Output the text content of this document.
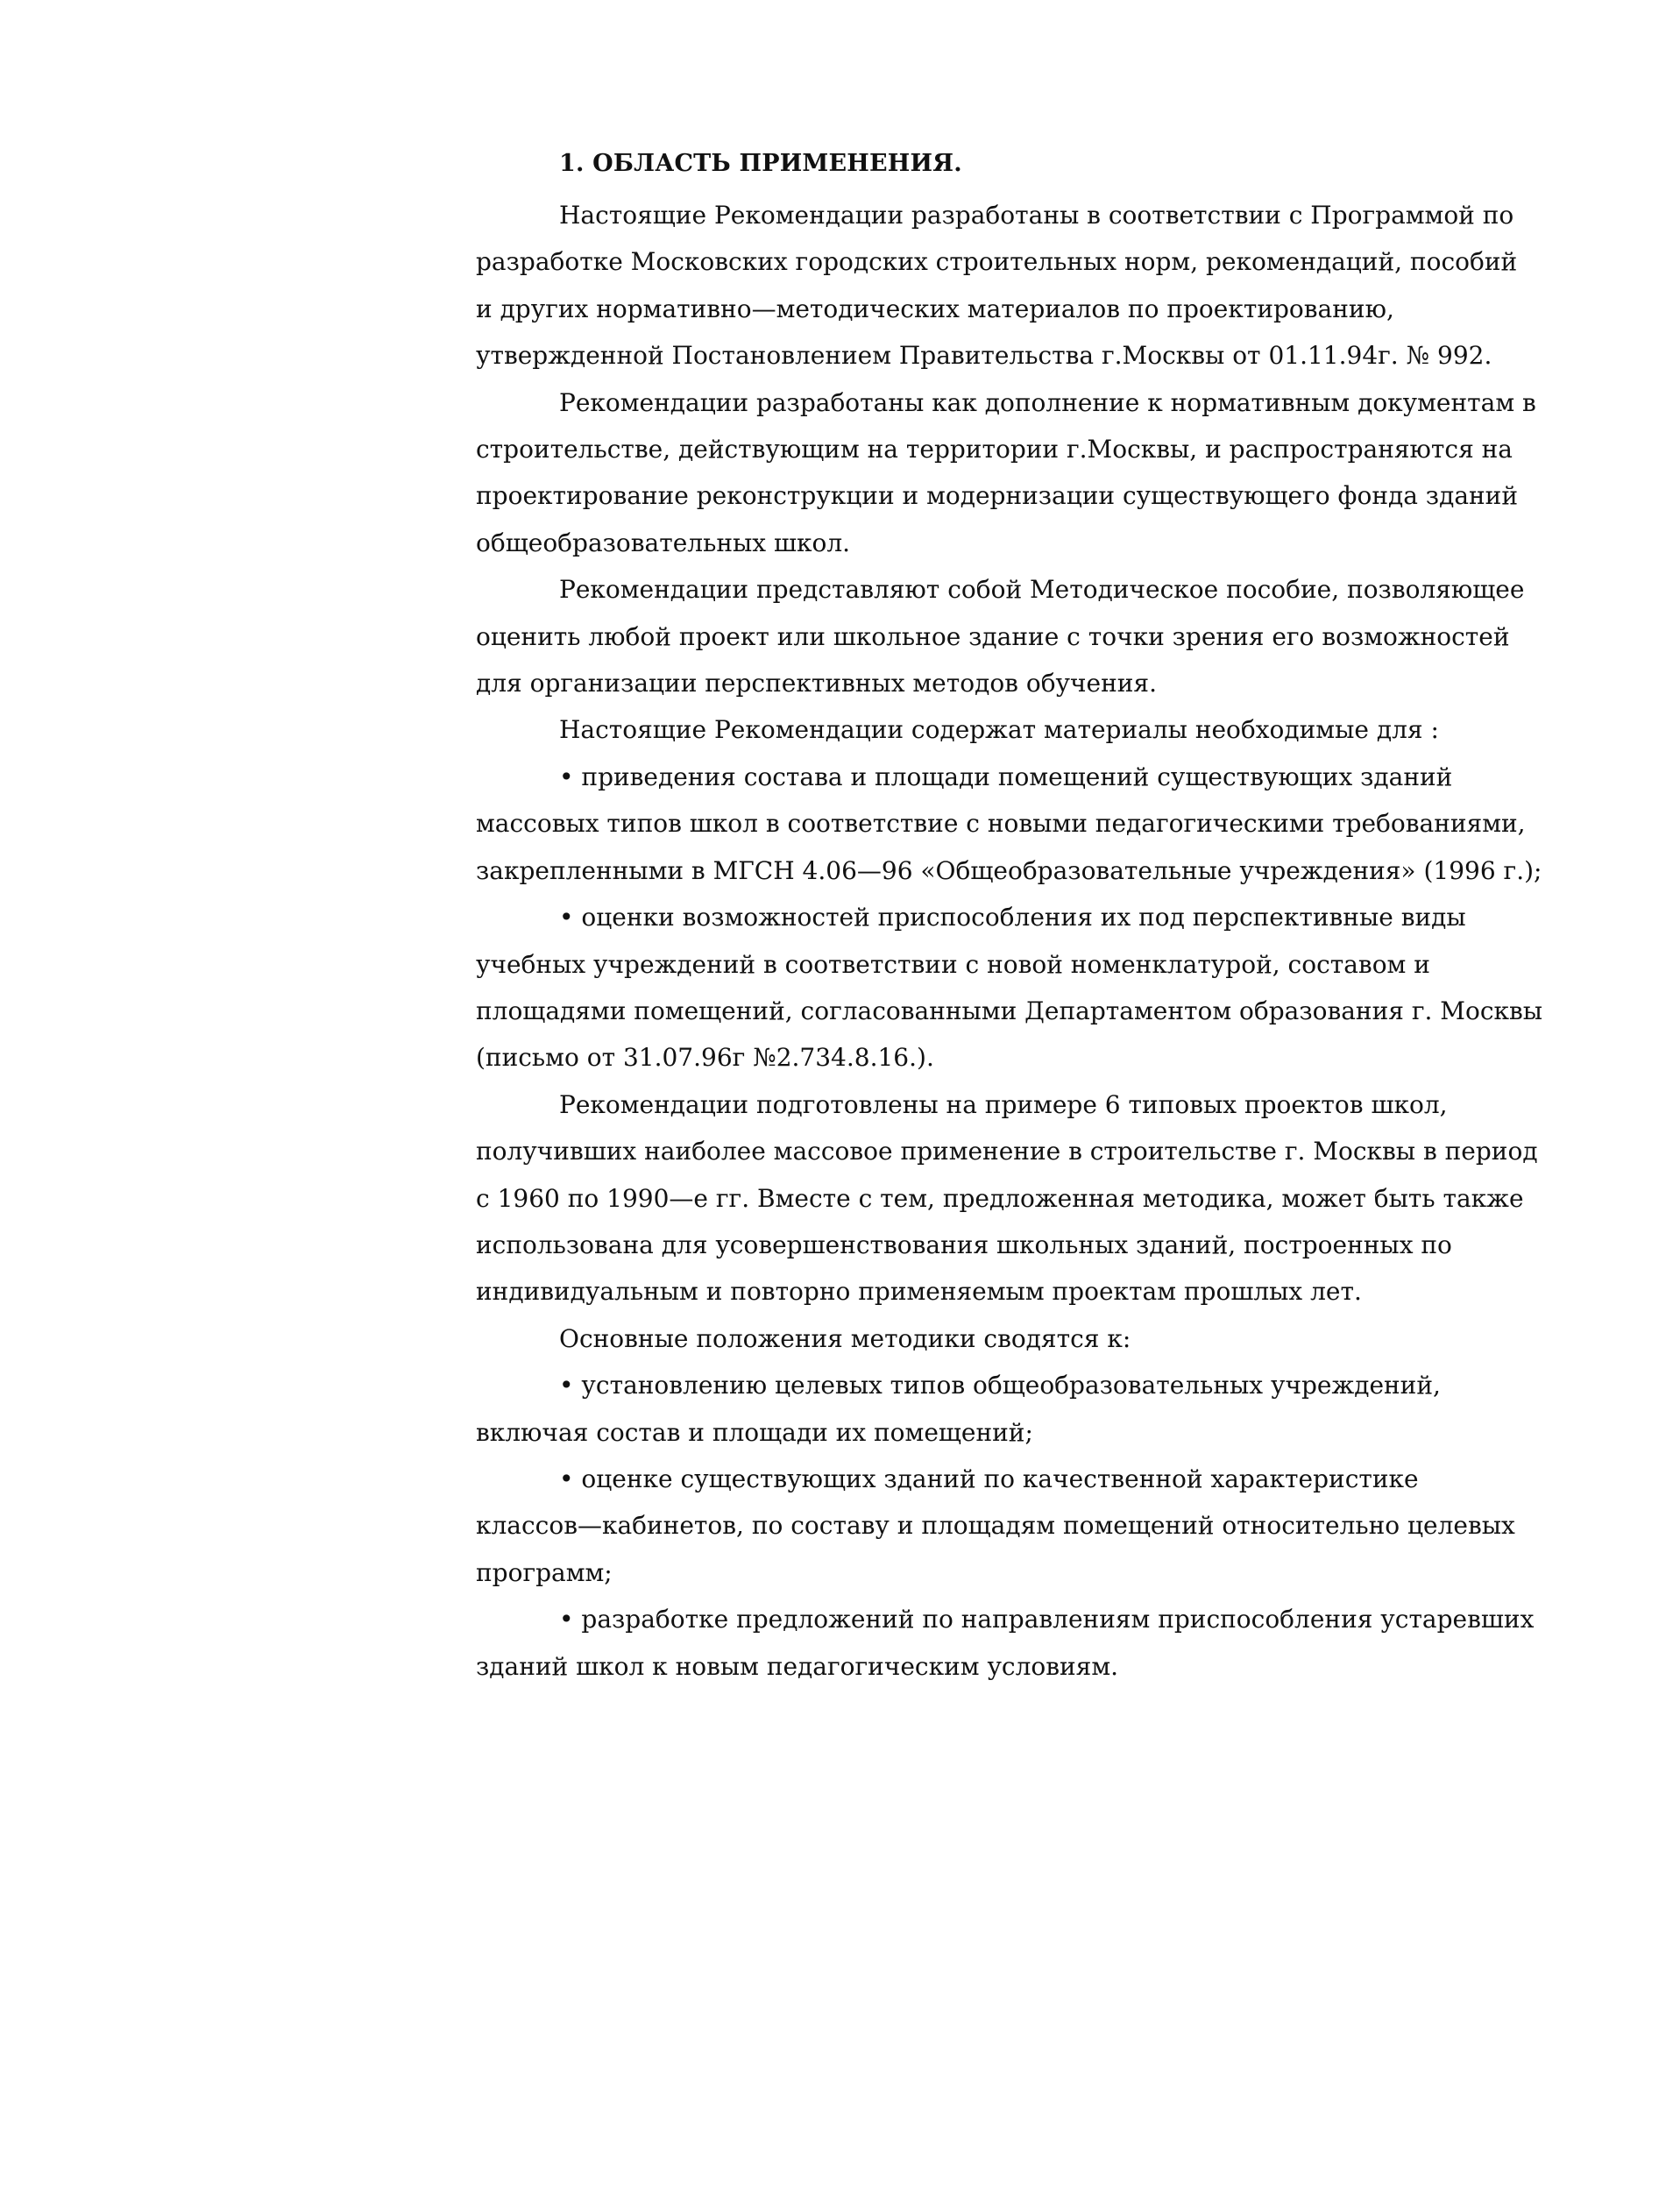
1. ОБЛАСТЬ ПРИМЕНЕНИЯ.

Настоящие Рекомендации разработаны в соответствии с Программой по
разработке Московских городских строительных норм, рекомендаций, пособий
и других нормативно—методических материалов по проектированию,
утвержденной Постановлением Правительства г.Москвы от 01.11.94г. № 992.

Рекомендации разработаны как дополнение к нормативным документам в
строительстве, действующим на территории г.Москвы, и распространяются на
проектирование реконструкции и модернизации существующего фонда зданий
общеобразовательных школ.

Рекомендации представляют собой Методическое пособие, позволяющее
оценить любой проект или школьное здание с точки зрения его возможностей
для организации перспективных методов обучения.

Настоящие Рекомендации содержат материалы необходимые для :

• приведения состава и площади помещений существующих зданий
массовых типов школ в соответствие с новыми педагогическими требованиями,
закрепленными в МГСН 4.06—96 «Общеобразовательные учреждения» (1996 г.);

• оценки возможностей приспособления их под перспективные виды
учебных учреждений в соответствии с новой номенклатурой, составом и
площадями помещений, согласованными Департаментом образования г. Москвы
(письмо от 31.07.96г №2.734.8.16.).

Рекомендации подготовлены на примере 6 типовых проектов школ,
получивших наиболее массовое применение в строительстве г. Москвы в период
с 1960 по 1990—е гг. Вместе с тем, предложенная методика, может быть также
использована для усовершенствования школьных зданий, построенных по
индивидуальным и повторно применяемым проектам прошлых лет.

Основные положения методики сводятся к:

• установлению целевых типов общеобразовательных учреждений,
включая состав и площади их помещений;

• оценке существующих зданий по качественной характеристике
классов—кабинетов, по составу и площадям помещений относительно целевых
программ;

• разработке предложений по направлениям приспособления устаревших
зданий школ к новым педагогическим условиям.
